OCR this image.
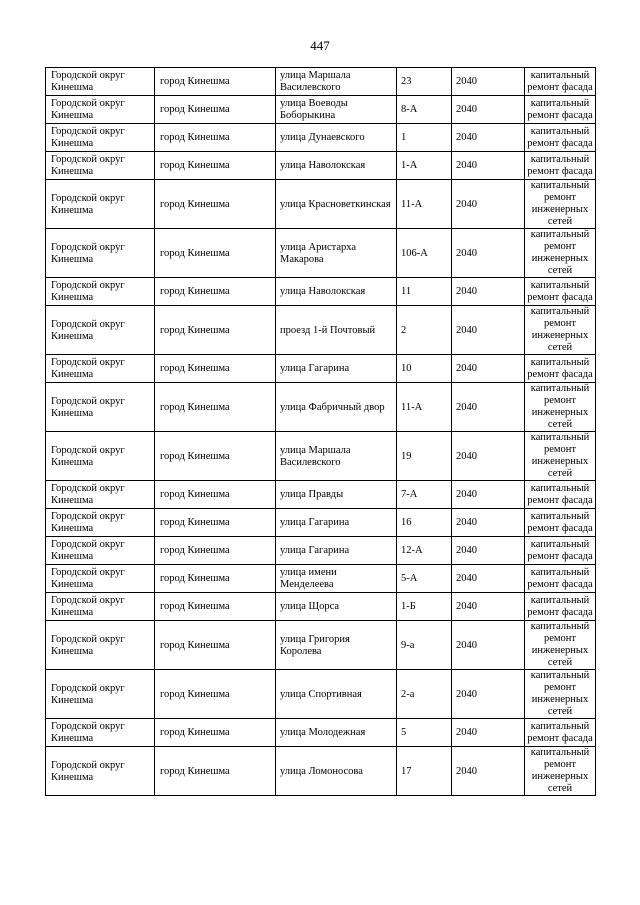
447
Городской округ Кинешма	город Кинешма	улица Маршала Василевского	23	2040	капитальный ремонт фасада
Городской округ Кинешма	город Кинешма	улица Воеводы Боборыкина	8-А	2040	капитальный ремонт фасада
Городской округ Кинешма	город Кинешма	улица Дунаевского	1	2040	капитальный ремонт фасада
Городской округ Кинешма	город Кинешма	улица Наволокская	1-А	2040	капитальный ремонт фасада
Городской округ Кинешма	город Кинешма	улица Красноветкинская	11-А	2040	капитальный ремонт инженерных сетей
Городской округ Кинешма	город Кинешма	улица Аристарха Макарова	106-А	2040	капитальный ремонт инженерных сетей
Городской округ Кинешма	город Кинешма	улица Наволокская	11	2040	капитальный ремонт фасада
Городской округ Кинешма	город Кинешма	проезд 1-й Почтовый	2	2040	капитальный ремонт инженерных сетей
Городской округ Кинешма	город Кинешма	улица Гагарина	10	2040	капитальный ремонт фасада
Городской округ Кинешма	город Кинешма	улица Фабричный двор	11-А	2040	капитальный ремонт инженерных сетей
Городской округ Кинешма	город Кинешма	улица Маршала Василевского	19	2040	капитальный ремонт инженерных сетей
Городской округ Кинешма	город Кинешма	улица Правды	7-А	2040	капитальный ремонт фасада
Городской округ Кинешма	город Кинешма	улица Гагарина	16	2040	капитальный ремонт фасада
Городской округ Кинешма	город Кинешма	улица Гагарина	12-А	2040	капитальный ремонт фасада
Городской округ Кинешма	город Кинешма	улица имени Менделеева	5-А	2040	капитальный ремонт фасада
Городской округ Кинешма	город Кинешма	улица Щорса	1-Б	2040	капитальный ремонт фасада
Городской округ Кинешма	город Кинешма	улица Григория Королева	9-а	2040	капитальный ремонт инженерных сетей
Городской округ Кинешма	город Кинешма	улица Спортивная	2-а	2040	капитальный ремонт инженерных сетей
Городской округ Кинешма	город Кинешма	улица Молодежная	5	2040	капитальный ремонт фасада
Городской округ Кинешма	город Кинешма	улица Ломоносова	17	2040	капитальный ремонт инженерных сетей
